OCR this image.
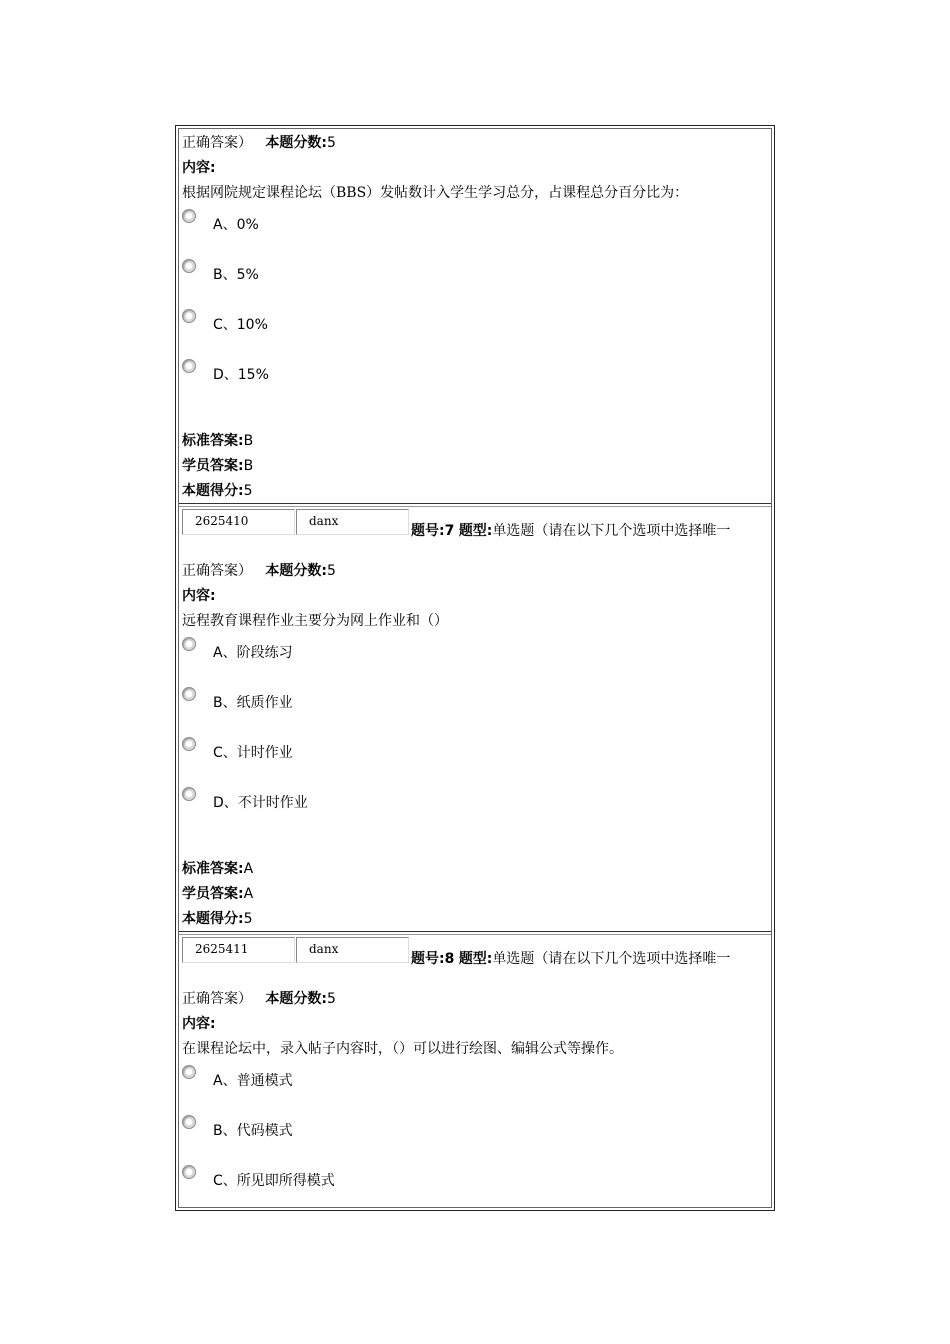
正确答案） 本题分数:5
内容:
根据网院规定课程论坛（BBS）发帖数计入学生学习总分，占课程总分百分比为：
A、0%
B、5%
C、10%
D、15%
标准答案:B
学员答案:B
本题得分:5
2625410	danx
题号:7 题型:单选题（请在以下几个选项中选择唯一
正确答案） 本题分数:5
内容:
远程教育课程作业主要分为网上作业和（）
A、阶段练习
B、纸质作业
C、计时作业
D、不计时作业
标准答案:A
学员答案:A
本题得分:5
2625411	danx
题号:8 题型:单选题（请在以下几个选项中选择唯一
正确答案） 本题分数:5
内容:
在课程论坛中，录入帖子内容时，（）可以进行绘图、编辑公式等操作。
A、普通模式
B、代码模式
C、所见即所得模式
